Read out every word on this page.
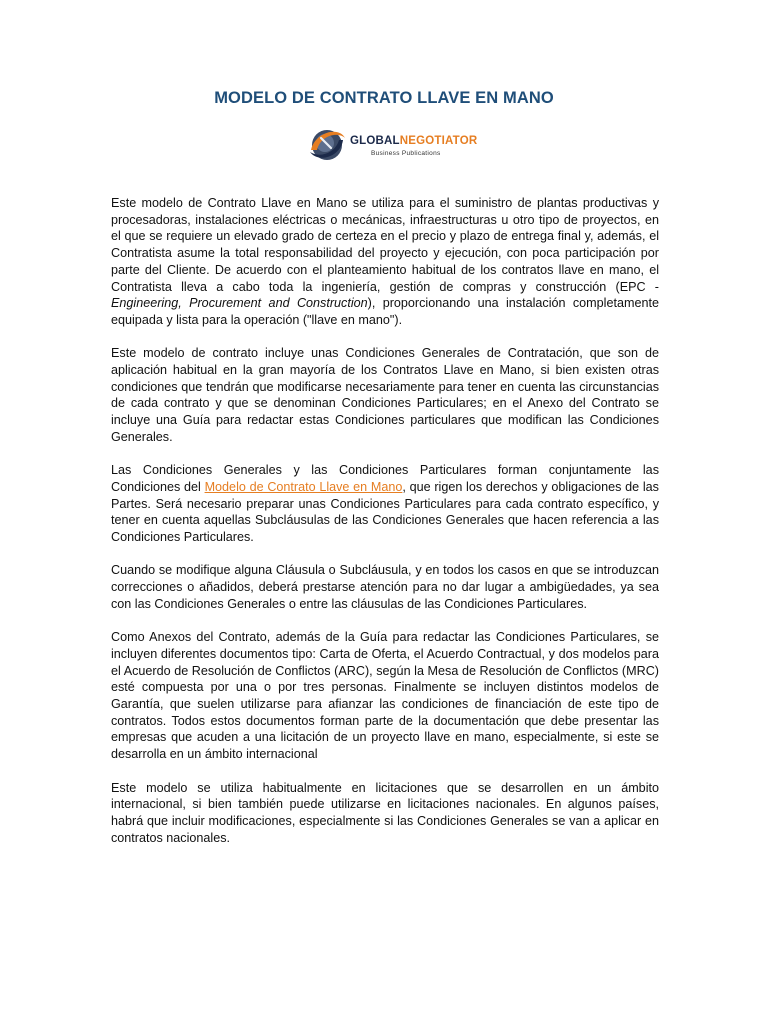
MODELO DE CONTRATO LLAVE EN MANO
GLOBALNEGOTIATOR
Business Publications

Este modelo de Contrato Llave en Mano se utiliza para el suministro de plantas productivas y procesadoras, instalaciones eléctricas o mecánicas, infraestructuras u otro tipo de proyectos, en el que se requiere un elevado grado de certeza en el precio y plazo de entrega final y, además, el Contratista asume la total responsabilidad del proyecto y ejecución, con poca participación por parte del Cliente. De acuerdo con el planteamiento habitual de los contratos llave en mano, el Contratista lleva a cabo toda la ingeniería, gestión de compras y construcción (EPC - Engineering, Procurement and Construction), proporcionando una instalación completamente equipada y lista para la operación ("llave en mano").

Este modelo de contrato incluye unas Condiciones Generales de Contratación, que son de aplicación habitual en la gran mayoría de los Contratos Llave en Mano, si bien existen otras condiciones que tendrán que modificarse necesariamente para tener en cuenta las circunstancias de cada contrato y que se denominan Condiciones Particulares; en el Anexo del Contrato se incluye una Guía para redactar estas Condiciones particulares que modifican las Condiciones Generales.

Las Condiciones Generales y las Condiciones Particulares forman conjuntamente las Condiciones del Modelo de Contrato Llave en Mano, que rigen los derechos y obligaciones de las Partes. Será necesario preparar unas Condiciones Particulares para cada contrato específico, y tener en cuenta aquellas Subcláusulas de las Condiciones Generales que hacen referencia a las Condiciones Particulares.

Cuando se modifique alguna Cláusula o Subcláusula, y en todos los casos en que se introduzcan correcciones o añadidos, deberá prestarse atención para no dar lugar a ambigüedades, ya sea con las Condiciones Generales o entre las cláusulas de las Condiciones Particulares.

Como Anexos del Contrato, además de la Guía para redactar las Condiciones Particulares, se incluyen diferentes documentos tipo: Carta de Oferta, el Acuerdo Contractual, y dos modelos para el Acuerdo de Resolución de Conflictos (ARC), según la Mesa de Resolución de Conflictos (MRC) esté compuesta por una o por tres personas. Finalmente se incluyen distintos modelos de Garantía, que suelen utilizarse para afianzar las condiciones de financiación de este tipo de contratos. Todos estos documentos forman parte de la documentación que debe presentar las empresas que acuden a una licitación de un proyecto llave en mano, especialmente, si este se desarrolla en un ámbito internacional

Este modelo se utiliza habitualmente en licitaciones que se desarrollen en un ámbito internacional, si bien también puede utilizarse en licitaciones nacionales. En algunos países, habrá que incluir modificaciones, especialmente si las Condiciones Generales se van a aplicar en contratos nacionales.
